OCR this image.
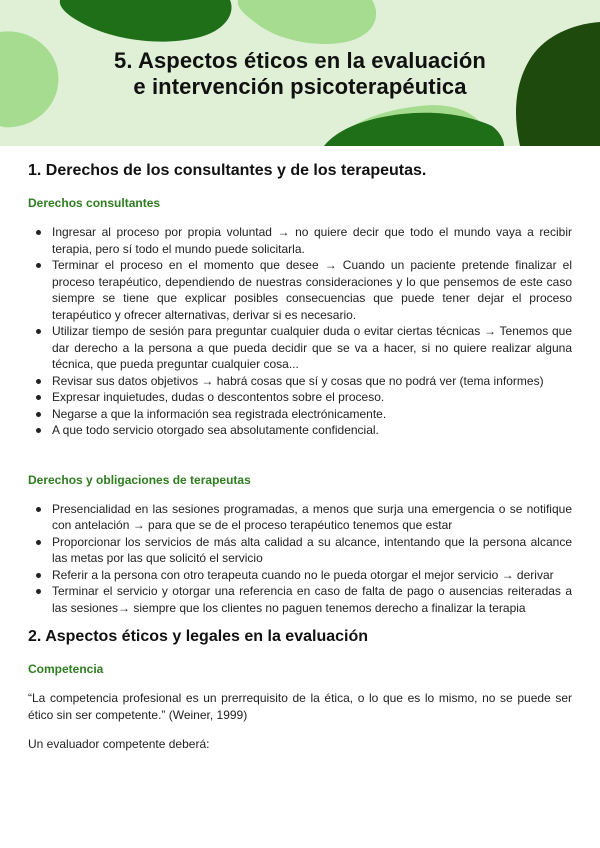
5. Aspectos éticos en la evaluación
e intervención psicoterapéutica
1. Derechos de los consultantes y de los terapeutas.
Derechos consultantes
Ingresar al proceso por propia voluntad → no quiere decir que todo el mundo vaya a recibir terapia, pero sí todo el mundo puede solicitarla.
Terminar el proceso en el momento que desee → Cuando un paciente pretende finalizar el proceso terapéutico, dependiendo de nuestras consideraciones y lo que pensemos de este caso siempre se tiene que explicar posibles consecuencias que puede tener dejar el proceso terapéutico y ofrecer alternativas, derivar si es necesario.
Utilizar tiempo de sesión para preguntar cualquier duda o evitar ciertas técnicas → Tenemos que dar derecho a la persona a que pueda decidir que se va a hacer, si no quiere realizar alguna técnica, que pueda preguntar cualquier cosa...
Revisar sus datos objetivos → habrá cosas que sí y cosas que no podrá ver (tema informes)
Expresar inquietudes, dudas o descontentos sobre el proceso.
Negarse a que la información sea registrada electrónicamente.
A que todo servicio otorgado sea absolutamente confidencial.
Derechos y obligaciones de terapeutas
Presencialidad en las sesiones programadas, a menos que surja una emergencia o se notifique con antelación → para que se de el proceso terapéutico tenemos que estar
Proporcionar los servicios de más alta calidad a su alcance, intentando que la persona alcance las metas por las que solicitó el servicio
Referir a la persona con otro terapeuta cuando no le pueda otorgar el mejor servicio → derivar
Terminar el servicio y otorgar una referencia en caso de falta de pago o ausencias reiteradas a las sesiones→ siempre que los clientes no paguen tenemos derecho a finalizar la terapia
2. Aspectos éticos y legales en la evaluación
Competencia

“La competencia profesional es un prerrequisito de la ética, o lo que es lo mismo, no se puede ser ético sin ser competente.” (Weiner, 1999)

Un evaluador competente deberá:
